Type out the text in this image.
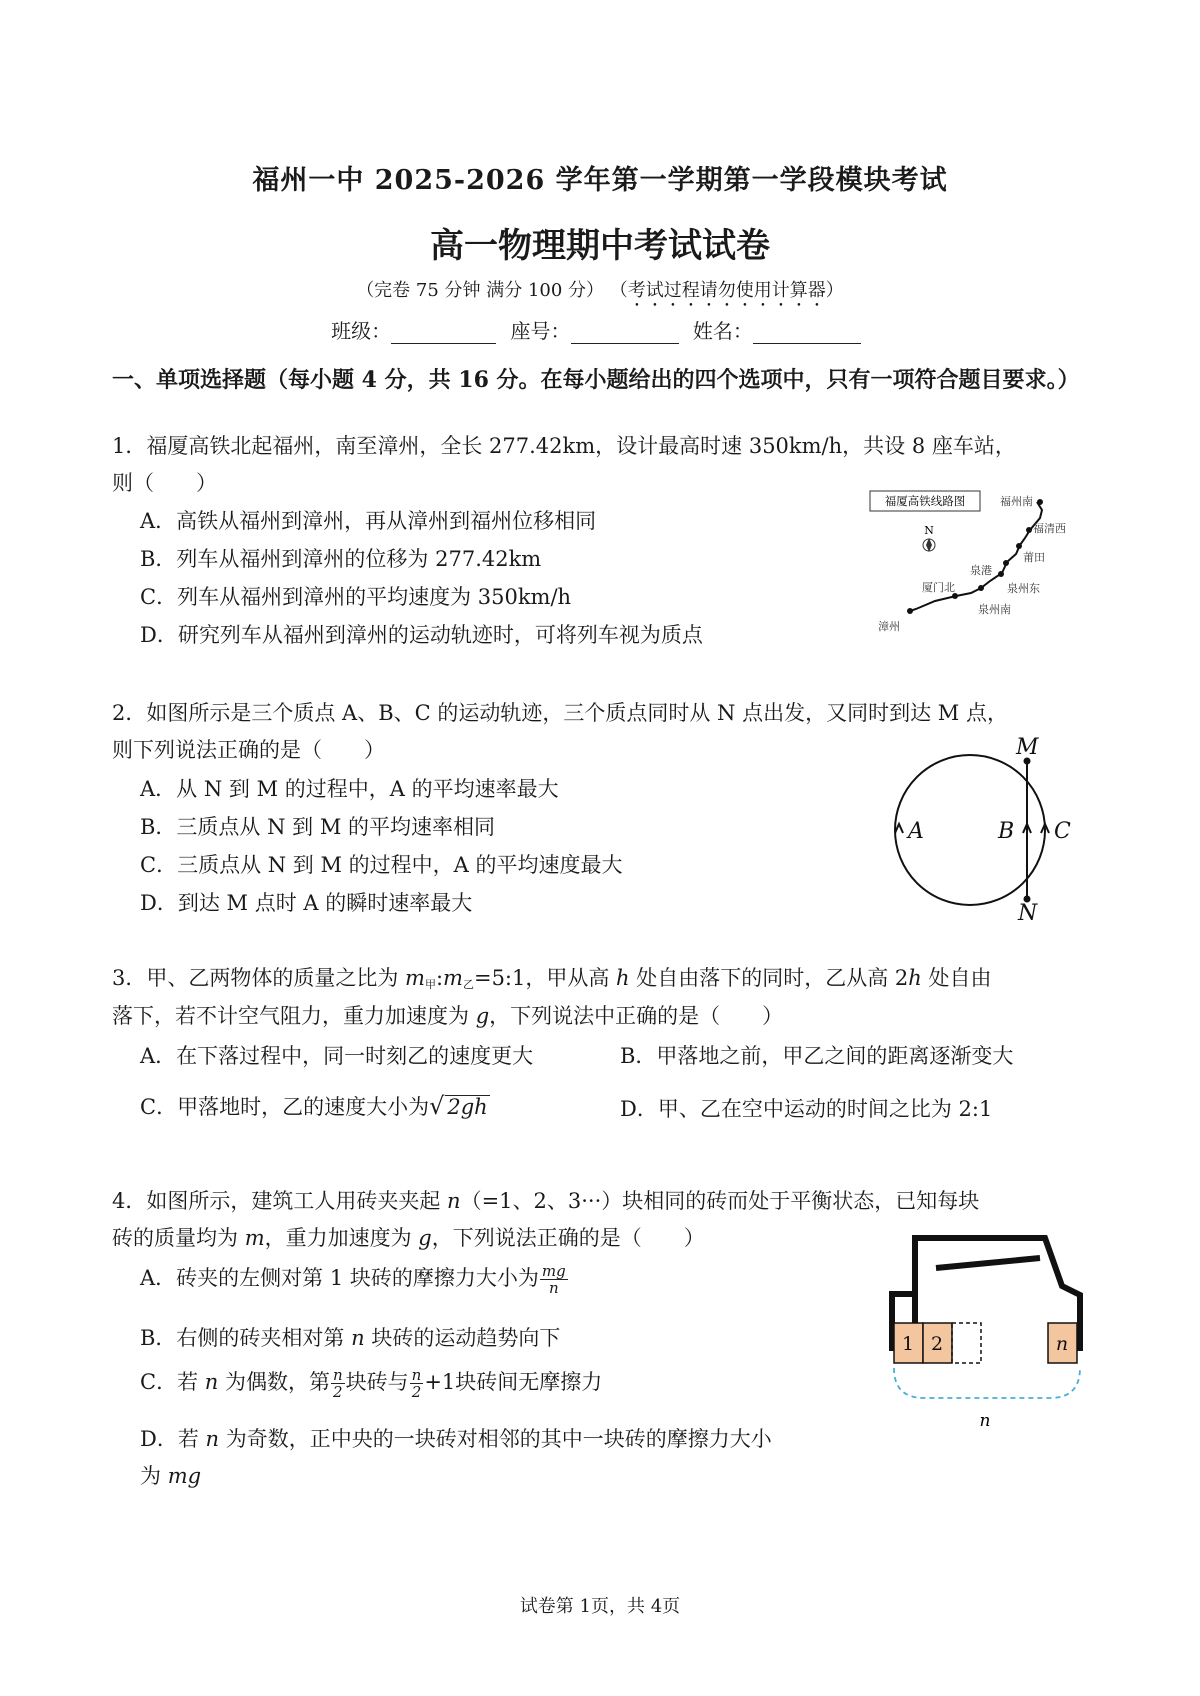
福州一中 2025-2026 学年第一学期第一学段模块考试
高一物理期中考试试卷
（完卷 75 分钟 满分 100 分） （考试过程请勿使用计算器）
班级：	座号：	姓名：
一、单项选择题（每小题 4 分，共 16 分。在每小题给出的四个选项中，只有一项符合题目要求。）
1．福厦高铁北起福州，南至漳州，全长 277.42km，设计最高时速 350km/h，共设 8 座车站，
则（　　）
A．高铁从福州到漳州，再从漳州到福州位移相同
B．列车从福州到漳州的位移为 277.42km
C．列车从福州到漳州的平均速度为 350km/h
D．研究列车从福州到漳州的运动轨迹时，可将列车视为质点
福厦高铁线路图
N
福州南
福清西
莆田
泉港
泉州东
泉州南
厦门北
漳州
2．如图所示是三个质点 A、B、C 的运动轨迹，三个质点同时从 N 点出发，又同时到达 M 点，
则下列说法正确的是（　　）
A．从 N 到 M 的过程中，A 的平均速率最大
B．三质点从 N 到 M 的平均速率相同
C．三质点从 N 到 M 的过程中，A 的平均速度最大
D．到达 M 点时 A 的瞬时速率最大
M
N
A	B C
3．甲、乙两物体的质量之比为 $m_甲:m_乙=5:1$，甲从高 h 处自由落下的同时，乙从高 2h 处自由
落下，若不计空气阻力，重力加速度为 g，下列说法中正确的是（　　）
A．在下落过程中，同一时刻乙的速度更大	B．甲落地之前，甲乙之间的距离逐渐变大
C．甲落地时，乙的速度大小为√ 2gh	D．甲、乙在空中运动的时间之比为 2:1
4．如图所示，建筑工人用砖夹夹起 n（=1、2、3···）块相同的砖而处于平衡状态，已知每块
砖的质量均为 m，重力加速度为 g，下列说法正确的是（　　）
A．砖夹的左侧对第 1 块砖的摩擦力大小为 $\frac{mg}{n}$
B．右侧的砖夹相对第 n 块砖的运动趋势向下
C．若 n 为偶数，第 $\frac{n}{2}$ 块砖与 $\frac{n}{2} +1$块砖间无摩擦力
D．若 n 为奇数，正中央的一块砖对相邻的其中一块砖的摩擦力大小
为 mg
1 2	n
n
试卷第 1页，共 4页
